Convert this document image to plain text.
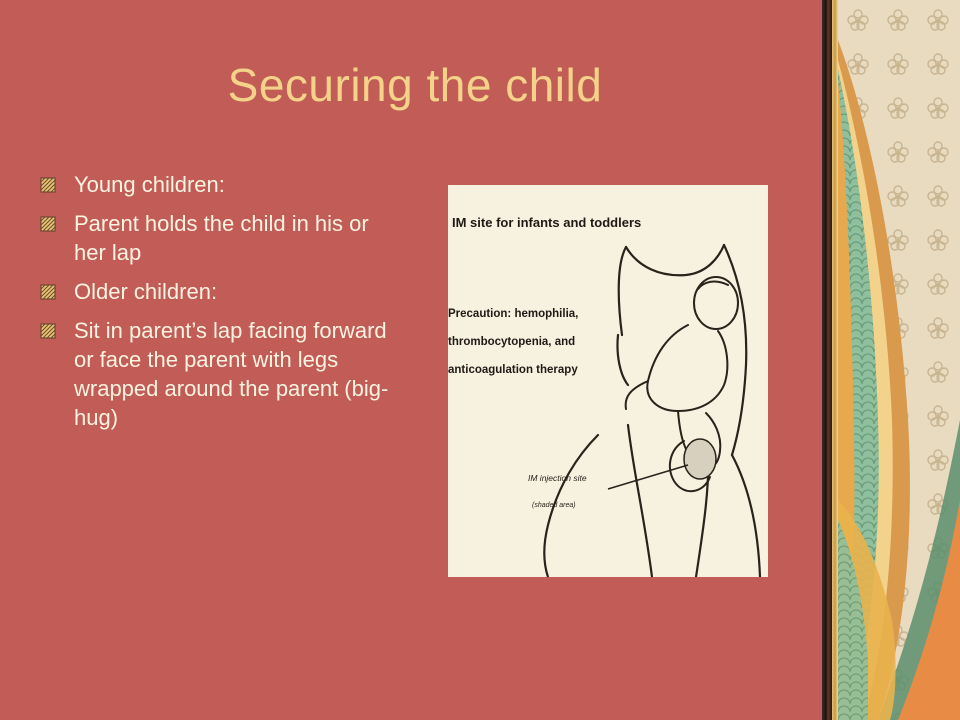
Securing the child
Young children:
Parent holds the child in his or her lap
Older children:
Sit in parent’s lap facing forward or face the parent with legs wrapped around the parent (big-hug)
IM site for infants and toddlers
Precaution: hemophilia,
thrombocytopenia, and
anticoagulation therapy
IM injection site
(shaded area)
